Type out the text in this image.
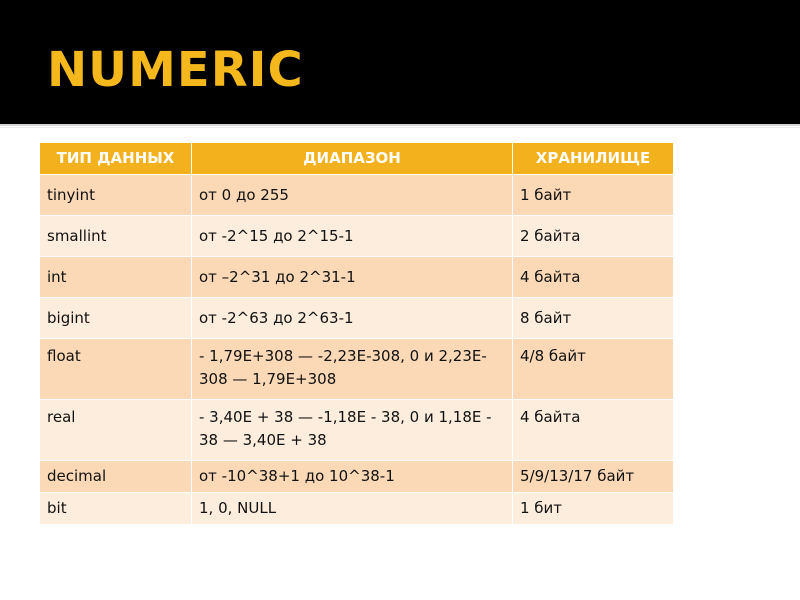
NUMERIC
ТИП ДАННЫХ	ДИАПАЗОН	ХРАНИЛИЩЕ
tinyint	от 0 до 255	1 байт
smallint	от -2^15 до 2^15-1	2 байта
int	от –2^31 до 2^31-1	4 байта
bigint	от -2^63 до 2^63-1	8 байт
float	- 1,79E+308 — -2,23E-308, 0 и 2,23E-308 — 1,79E+308	4/8 байт
real	- 3,40E + 38 — -1,18E - 38, 0 и 1,18E - 38 — 3,40E + 38	4 байта
decimal	от -10^38+1 до 10^38-1	5/9/13/17 байт
bit	1, 0, NULL	1 бит
